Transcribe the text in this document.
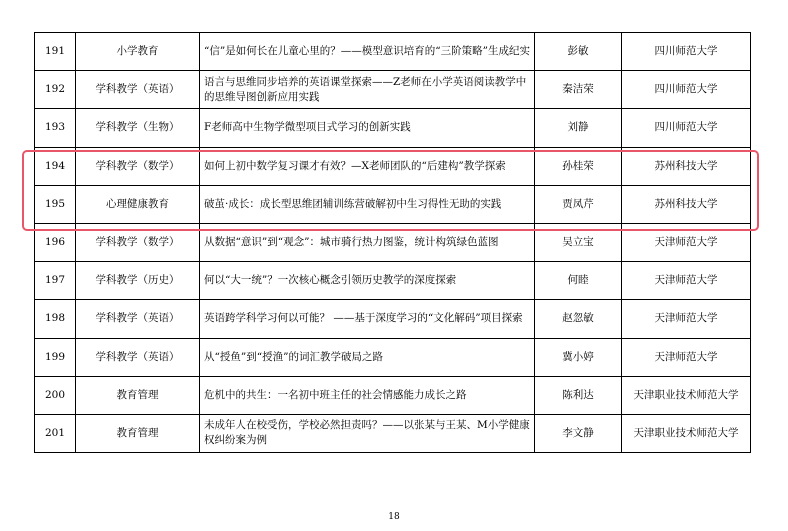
191	小学教育	“信”是如何长在儿童心里的？——模型意识培育的“三阶策略”生成纪实	彭敏	四川师范大学
192	学科教学（英语）	语言与思维同步培养的英语课堂探索——Z老师在小学英语阅读教学中的思维导图创新应用实践	秦洁荣	四川师范大学
193	学科教学（生物）	F老师高中生物学微型项目式学习的创新实践	刘静	四川师范大学
194	学科教学（数学）	如何上初中数学复习课才有效？—X老师团队的“后建构”教学探索	孙桂荣	苏州科技大学
195	心理健康教育	破茧·成长：成长型思维团辅训练营破解初中生习得性无助的实践	贾凤芹	苏州科技大学
196	学科教学（数学）	从数据“意识”到“观念”：城市骑行热力图鉴，统计构筑绿色蓝图	吴立宝	天津师范大学
197	学科教学（历史）	何以“大一统”？一次核心概念引领历史教学的深度探索	何睦	天津师范大学
198	学科教学（英语）	英语跨学科学习何以可能？ ——基于深度学习的“文化解码”项目探索	赵忽敏	天津师范大学
199	学科教学（英语）	从“授鱼”到“授渔”的词汇教学破局之路	冀小婷	天津师范大学
200	教育管理	危机中的共生：一名初中班主任的社会情感能力成长之路	陈利达	天津职业技术师范大学
201	教育管理	未成年人在校受伤，学校必然担责吗？——以张某与王某、M小学健康权纠纷案为例	李文静	天津职业技术师范大学
18
